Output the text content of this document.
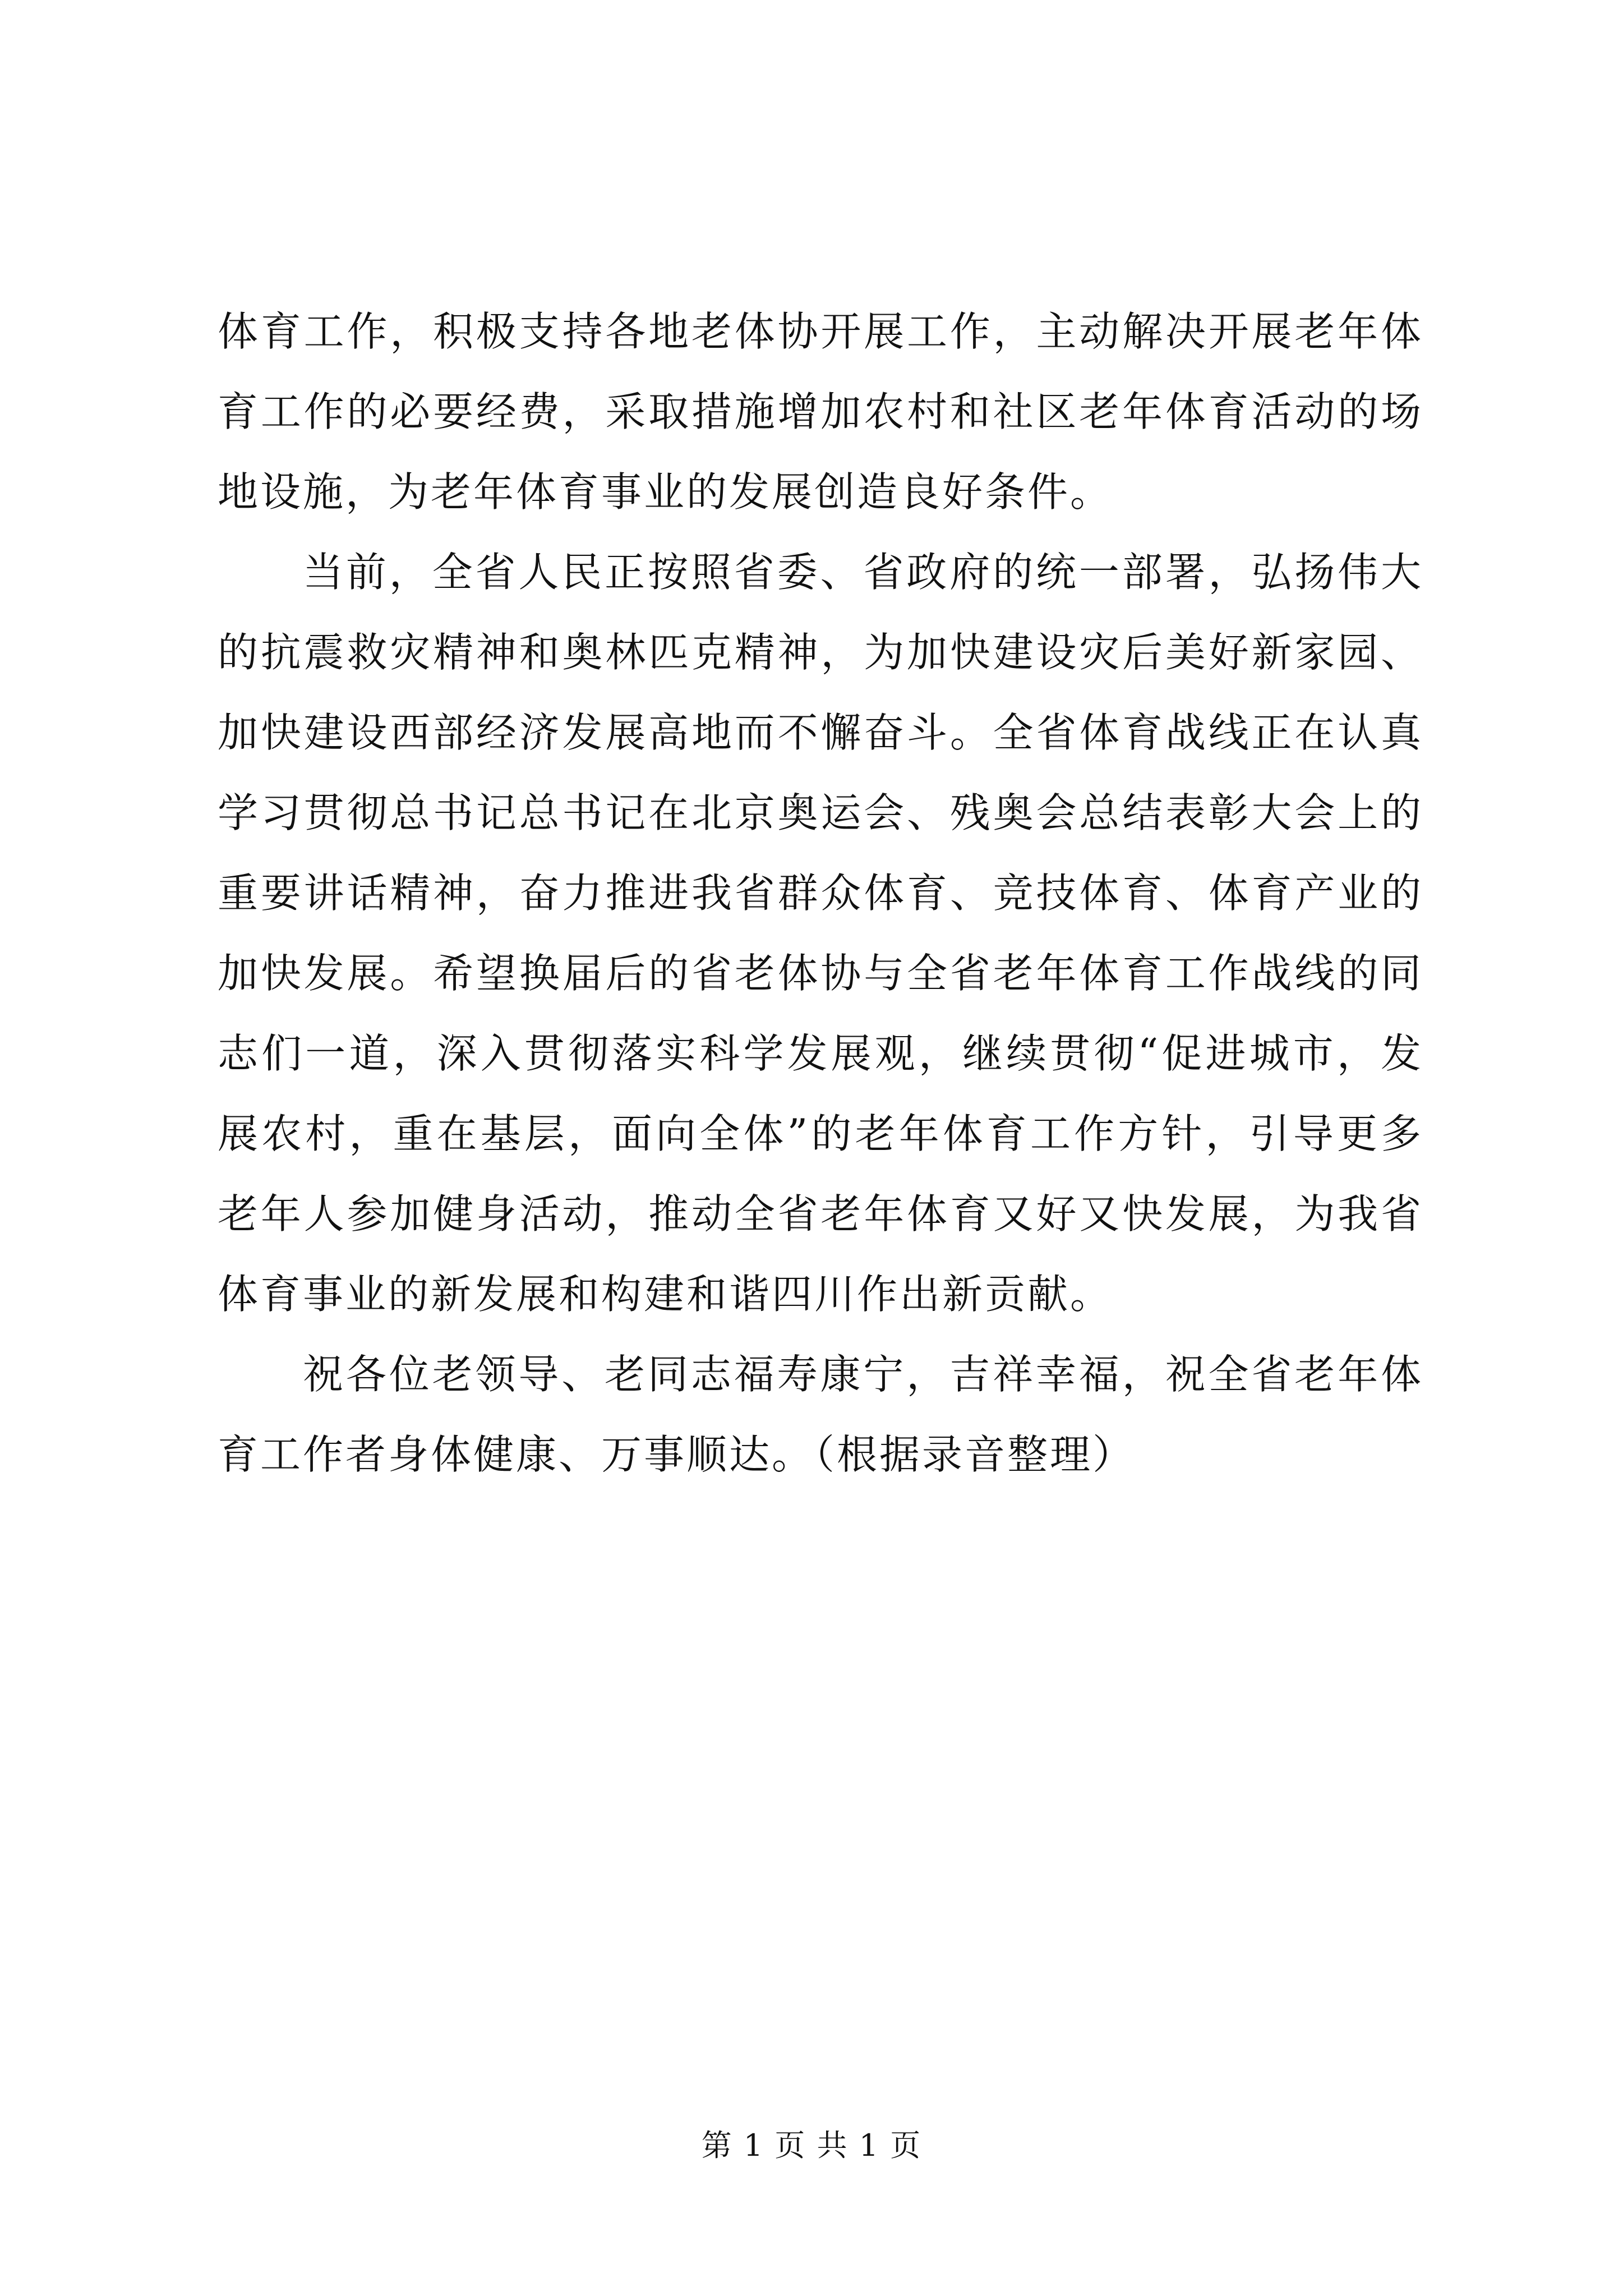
体育工作，积极支持各地老体协开展工作，主动解决开展老年体育工作的必要经费，采取措施增加农村和社区老年体育活动的场地设施，为老年体育事业的发展创造良好条件。

当前，全省人民正按照省委、省政府的统一部署，弘扬伟大的抗震救灾精神和奥林匹克精神，为加快建设灾后美好新家园、加快建设西部经济发展高地而不懈奋斗。全省体育战线正在认真学习贯彻总书记总书记在北京奥运会、残奥会总结表彰大会上的重要讲话精神，奋力推进我省群众体育、竞技体育、体育产业的加快发展。希望换届后的省老体协与全省老年体育工作战线的同志们一道，深入贯彻落实科学发展观，继续贯彻“促进城市，发展农村，重在基层，面向全体”的老年体育工作方针，引导更多老年人参加健身活动，推动全省老年体育又好又快发展，为我省体育事业的新发展和构建和谐四川作出新贡献。

祝各位老领导、老同志福寿康宁，吉祥幸福，祝全省老年体育工作者身体健康、万事顺达。（根据录音整理）

第 1 页 共 1 页
